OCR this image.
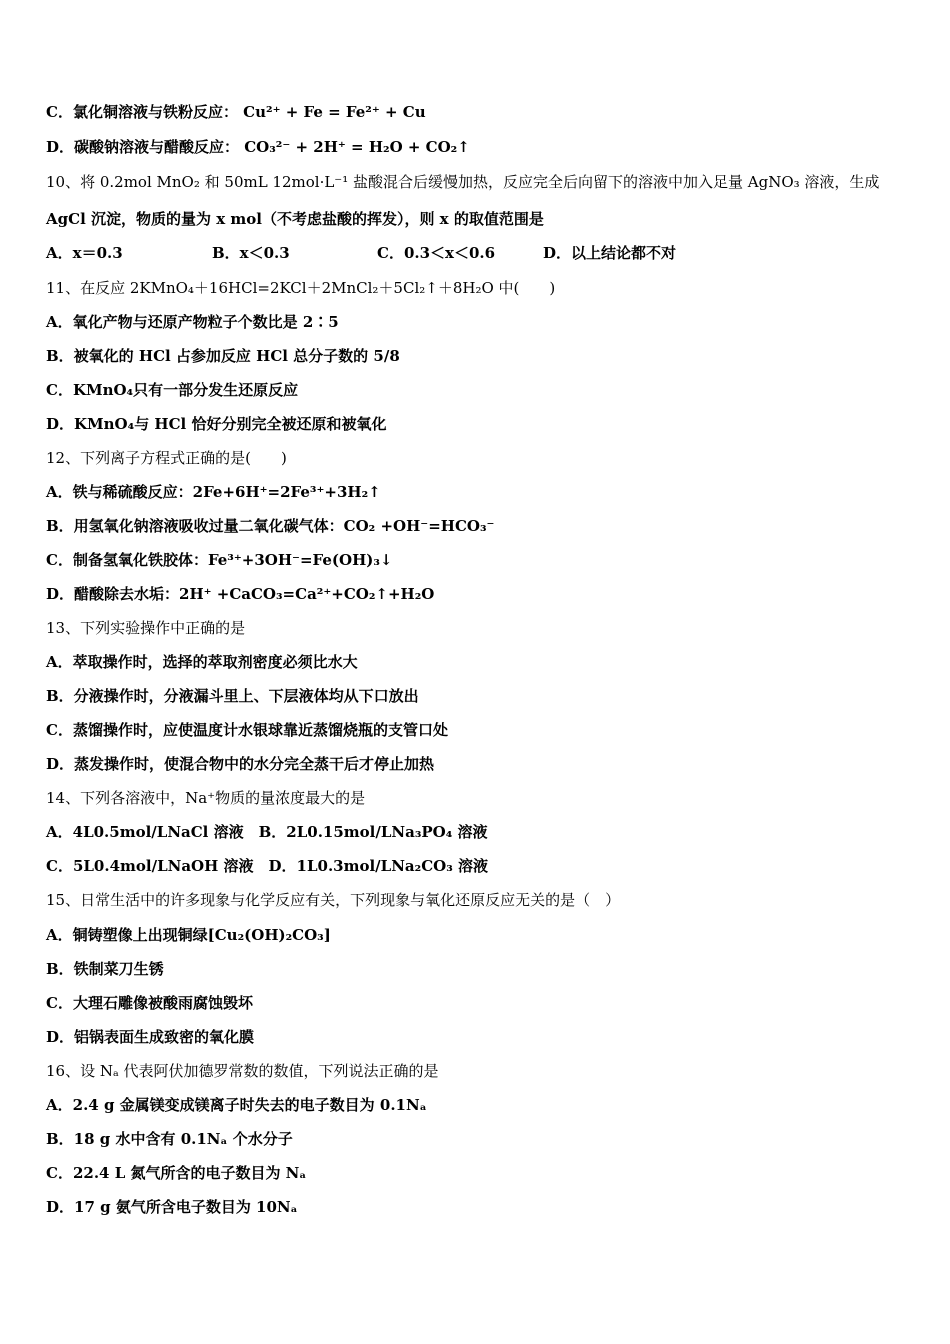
C．氯化铜溶液与铁粉反应： Cu²⁺ + Fe = Fe²⁺ + Cu
D．碳酸钠溶液与醋酸反应： CO₃²⁻ + 2H⁺ = H₂O + CO₂↑
10、将 0.2mol MnO₂ 和 50mL 12mol·L⁻¹ 盐酸混合后缓慢加热，反应完全后向留下的溶液中加入足量 AgNO₃ 溶液，生成
AgCl 沉淀，物质的量为 x mol（不考虑盐酸的挥发），则 x 的取值范围是
A．x＝0.3	B．x＜0.3	C．0.3＜x＜0.6	D．以上结论都不对
11、在反应 2KMnO₄＋16HCl=2KCl＋2MnCl₂＋5Cl₂↑＋8H₂O 中(　　)
A．氧化产物与还原产物粒子个数比是 2∶5
B．被氧化的 HCl 占参加反应 HCl 总分子数的 5/8
C．KMnO₄只有一部分发生还原反应
D．KMnO₄与 HCl 恰好分别完全被还原和被氧化
12、下列离子方程式正确的是(　　)
A．铁与稀硫酸反应：2Fe+6H⁺=2Fe³⁺+3H₂↑
B．用氢氧化钠溶液吸收过量二氧化碳气体：CO₂ +OH⁻=HCO₃⁻
C．制备氢氧化铁胶体：Fe³⁺+3OH⁻=Fe(OH)₃↓
D．醋酸除去水垢：2H⁺ +CaCO₃=Ca²⁺+CO₂↑+H₂O
13、下列实验操作中正确的是
A．萃取操作时，选择的萃取剂密度必须比水大
B．分液操作时，分液漏斗里上、下层液体均从下口放出
C．蒸馏操作时，应使温度计水银球靠近蒸馏烧瓶的支管口处
D．蒸发操作时，使混合物中的水分完全蒸干后才停止加热
14、下列各溶液中，Na⁺物质的量浓度最大的是
A．4L0.5mol/LNaCl 溶液　B．2L0.15mol/LNa₃PO₄ 溶液
C．5L0.4mol/LNaOH 溶液　D．1L0.3mol/LNa₂CO₃ 溶液
15、日常生活中的许多现象与化学反应有关，下列现象与氧化还原反应无关的是（　）
A．铜铸塑像上出现铜绿[Cu₂(OH)₂CO₃]
B．铁制菜刀生锈
C．大理石雕像被酸雨腐蚀毁坏
D．铝锅表面生成致密的氧化膜
16、设 Nₐ 代表阿伏加德罗常数的数值，下列说法正确的是
A．2.4 g 金属镁变成镁离子时失去的电子数目为 0.1Nₐ
B．18 g 水中含有 0.1Nₐ 个水分子
C．22.4 L 氮气所含的电子数目为 Nₐ
D．17 g 氨气所含电子数目为 10Nₐ
